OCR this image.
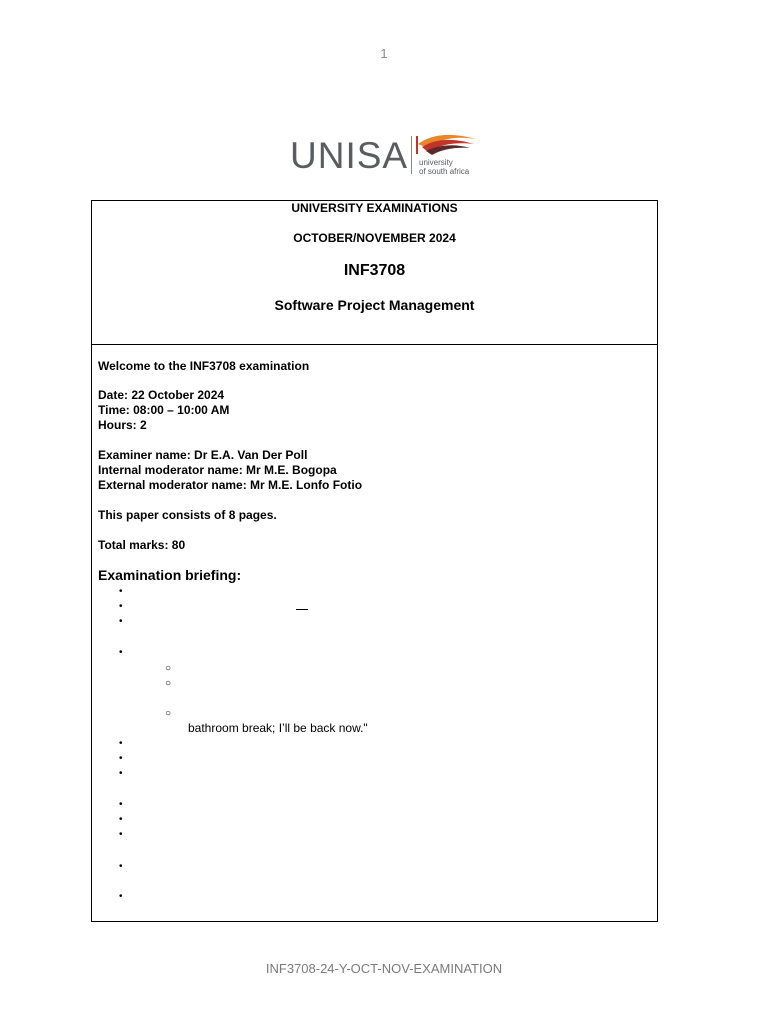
1
UNISA university
of south africa
UNIVERSITY EXAMINATIONS
OCTOBER/NOVEMBER 2024
INF3708
Software Project Management
Welcome to the INF3708 examination
Date: 22 October 2024
Time: 08:00 – 10:00 AM
Hours: 2
Examiner name: Dr E.A. Van Der Poll
Internal moderator name: Mr M.E. Bogopa
External moderator name: Mr M.E. Lonfo Fotio
This paper consists of 8 pages.
Total marks: 80
Examination briefing:
•
•
•
•
○
○
○
bathroom break; I’ll be back now."
•
•
•
•
•
•
•
•
INF3708-24-Y-OCT-NOV-EXAMINATION
